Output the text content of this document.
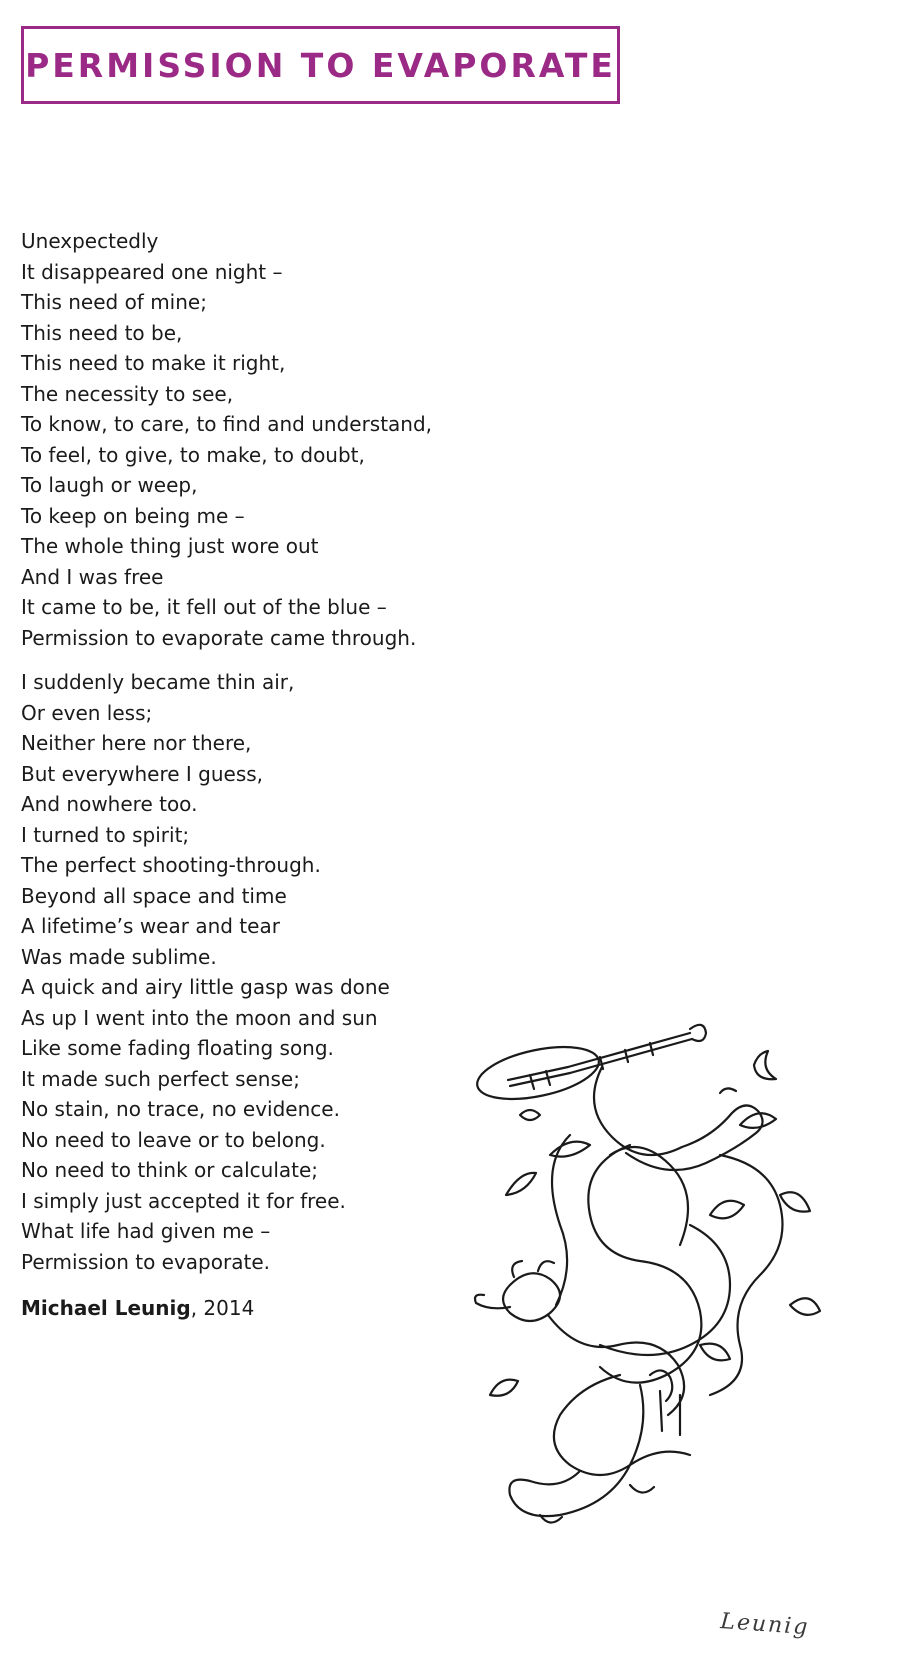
PERMISSION TO EVAPORATE
Unexpectedly
It disappeared one night –
This need of mine;
This need to be,
This need to make it right,
The necessity to see,
To know, to care, to find and understand,
To feel, to give, to make, to doubt,
To laugh or weep,
To keep on being me –
The whole thing just wore out
And I was free
It came to be, it fell out of the blue –
Permission to evaporate came through.
I suddenly became thin air,
Or even less;
Neither here nor there,
But everywhere I guess,
And nowhere too.
I turned to spirit;
The perfect shooting-through.
Beyond all space and time
A lifetime’s wear and tear
Was made sublime.
A quick and airy little gasp was done
As up I went into the moon and sun
Like some fading floating song.
It made such perfect sense;
No stain, no trace, no evidence.
No need to leave or to belong.
No need to think or calculate;
I simply just accepted it for free.
What life had given me –
Permission to evaporate.
Michael Leunig, 2014
Leunig
